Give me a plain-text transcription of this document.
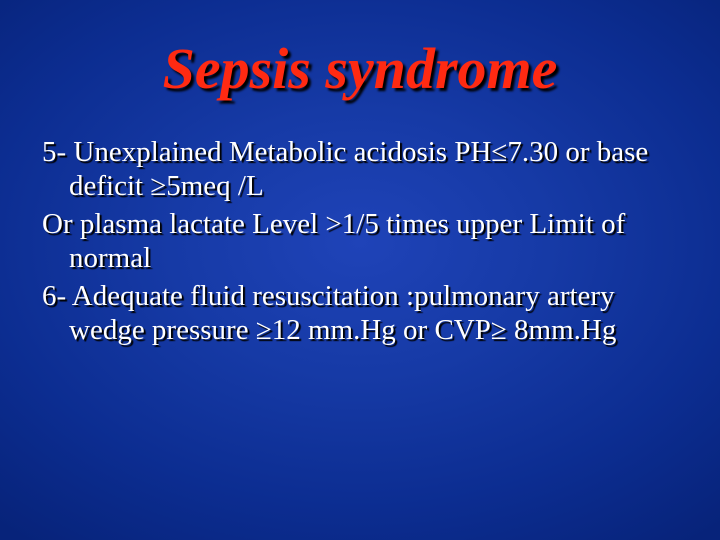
Sepsis syndrome
5- Unexplained Metabolic acidosis PH≤7.30 or base deficit ≥5meq /L
Or plasma lactate Level >1/5 times upper Limit of normal
6- Adequate fluid resuscitation :pulmonary artery wedge pressure ≥12 mm.Hg or CVP≥ 8mm.Hg
